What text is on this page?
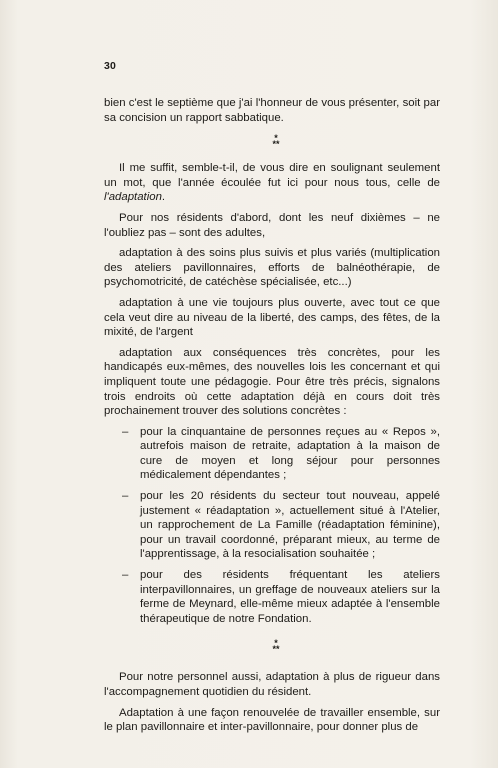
30

bien c'est le septième que j'ai l'honneur de vous présenter, soit par sa concision un rapport sabbatique.

*
**

Il me suffit, semble-t-il, de vous dire en soulignant seulement un mot, que l'année écoulée fut ici pour nous tous, celle de l'adaptation.

Pour nos résidents d'abord, dont les neuf dixièmes – ne l'oubliez pas – sont des adultes,

adaptation à des soins plus suivis et plus variés (multiplication des ateliers pavillonnaires, efforts de balnéothérapie, de psychomotricité, de catéchèse spécialisée, etc...)

adaptation à une vie toujours plus ouverte, avec tout ce que cela veut dire au niveau de la liberté, des camps, des fêtes, de la mixité, de l'argent

adaptation aux conséquences très concrètes, pour les handicapés eux-mêmes, des nouvelles lois les concernant et qui impliquent toute une pédagogie. Pour être très précis, signalons trois endroits où cette adaptation déjà en cours doit très prochainement trouver des solutions concrètes :

– pour la cinquantaine de personnes reçues au « Repos », autrefois maison de retraite, adaptation à la maison de cure de moyen et long séjour pour personnes médicalement dépendantes ;
– pour les 20 résidents du secteur tout nouveau, appelé justement « réadaptation », actuellement situé à l'Atelier, un rapprochement de La Famille (réadaptation féminine), pour un travail coordonné, préparant mieux, au terme de l'apprentissage, à la resocialisation souhaitée ;
– pour des résidents fréquentant les ateliers interpavillonnaires, un greffage de nouveaux ateliers sur la ferme de Meynard, elle-même mieux adaptée à l'ensemble thérapeutique de notre Fondation.
*
**

Pour notre personnel aussi, adaptation à plus de rigueur dans l'accompagnement quotidien du résident.

Adaptation à une façon renouvelée de travailler ensemble, sur le plan pavillonnaire et inter-pavillonnaire, pour donner plus de
